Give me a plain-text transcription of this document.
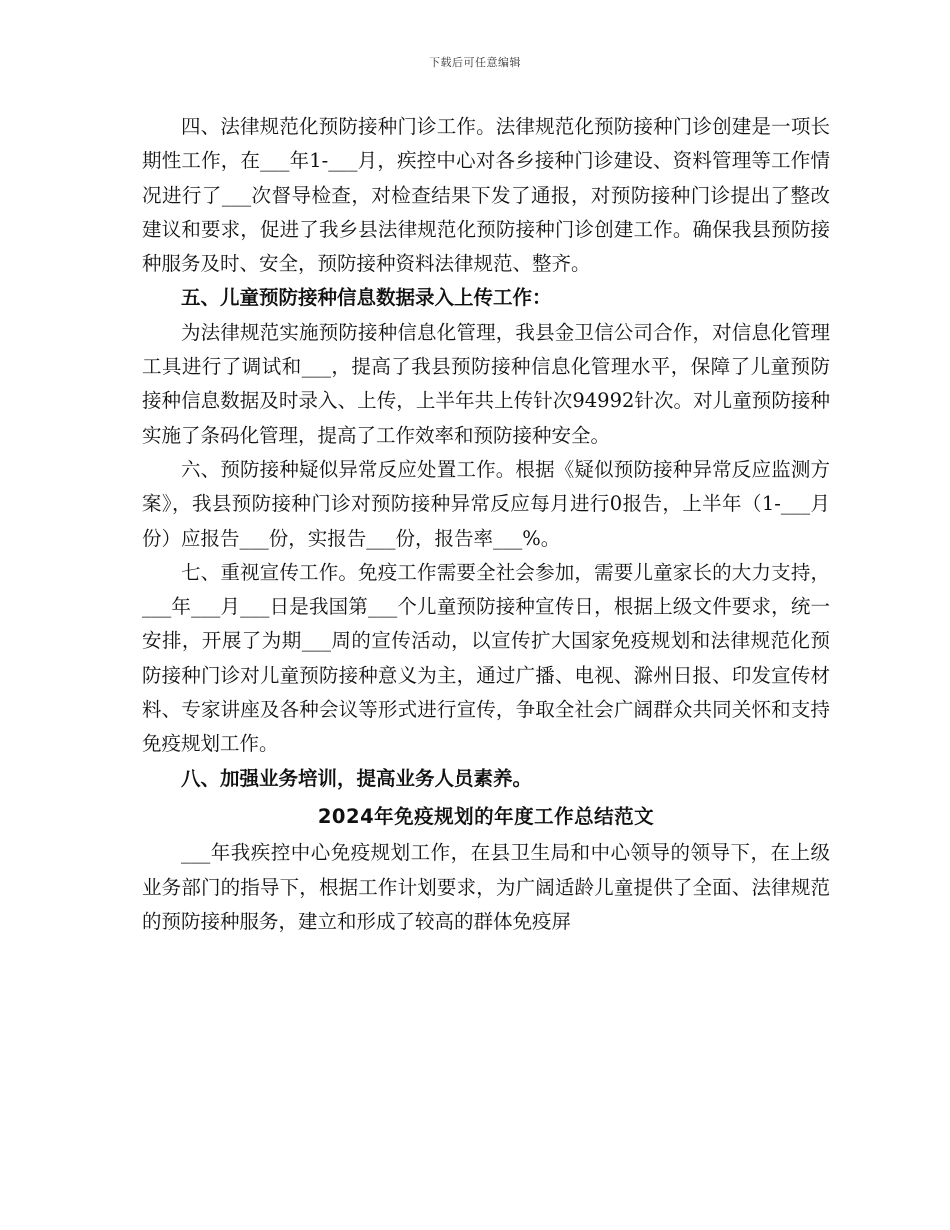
下载后可任意编辑

四、法律规范化预防接种门诊工作。法律规范化预防接种门诊创建是一项长期性工作，在___年1-___月，疾控中心对各乡接种门诊建设、资料管理等工作情况进行了___次督导检查，对检查结果下发了通报，对预防接种门诊提出了整改建议和要求，促进了我乡县法律规范化预防接种门诊创建工作。确保我县预防接种服务及时、安全，预防接种资料法律规范、整齐。

五、儿童预防接种信息数据录入上传工作：

为法律规范实施预防接种信息化管理，我县金卫信公司合作，对信息化管理工具进行了调试和___，提高了我县预防接种信息化管理水平，保障了儿童预防接种信息数据及时录入、上传，上半年共上传针次94992针次。对儿童预防接种实施了条码化管理，提高了工作效率和预防接种安全。

六、预防接种疑似异常反应处置工作。根据《疑似预防接种异常反应监测方案》，我县预防接种门诊对预防接种异常反应每月进行0报告，上半年（1-___月份）应报告___份，实报告___份，报告率___%。

七、重视宣传工作。免疫工作需要全社会参加，需要儿童家长的大力支持，___年___月___日是我国第___个儿童预防接种宣传日，根据上级文件要求，统一安排，开展了为期___周的宣传活动，以宣传扩大国家免疫规划和法律规范化预防接种门诊对儿童预防接种意义为主，通过广播、电视、滁州日报、印发宣传材料、专家讲座及各种会议等形式进行宣传，争取全社会广阔群众共同关怀和支持免疫规划工作。

八、加强业务培训，提高业务人员素养。

2024年免疫规划的年度工作总结范文

___年我疾控中心免疫规划工作，在县卫生局和中心领导的领导下，在上级业务部门的指导下，根据工作计划要求，为广阔适龄儿童提供了全面、法律规范的预防接种服务，建立和形成了较高的群体免疫屏
